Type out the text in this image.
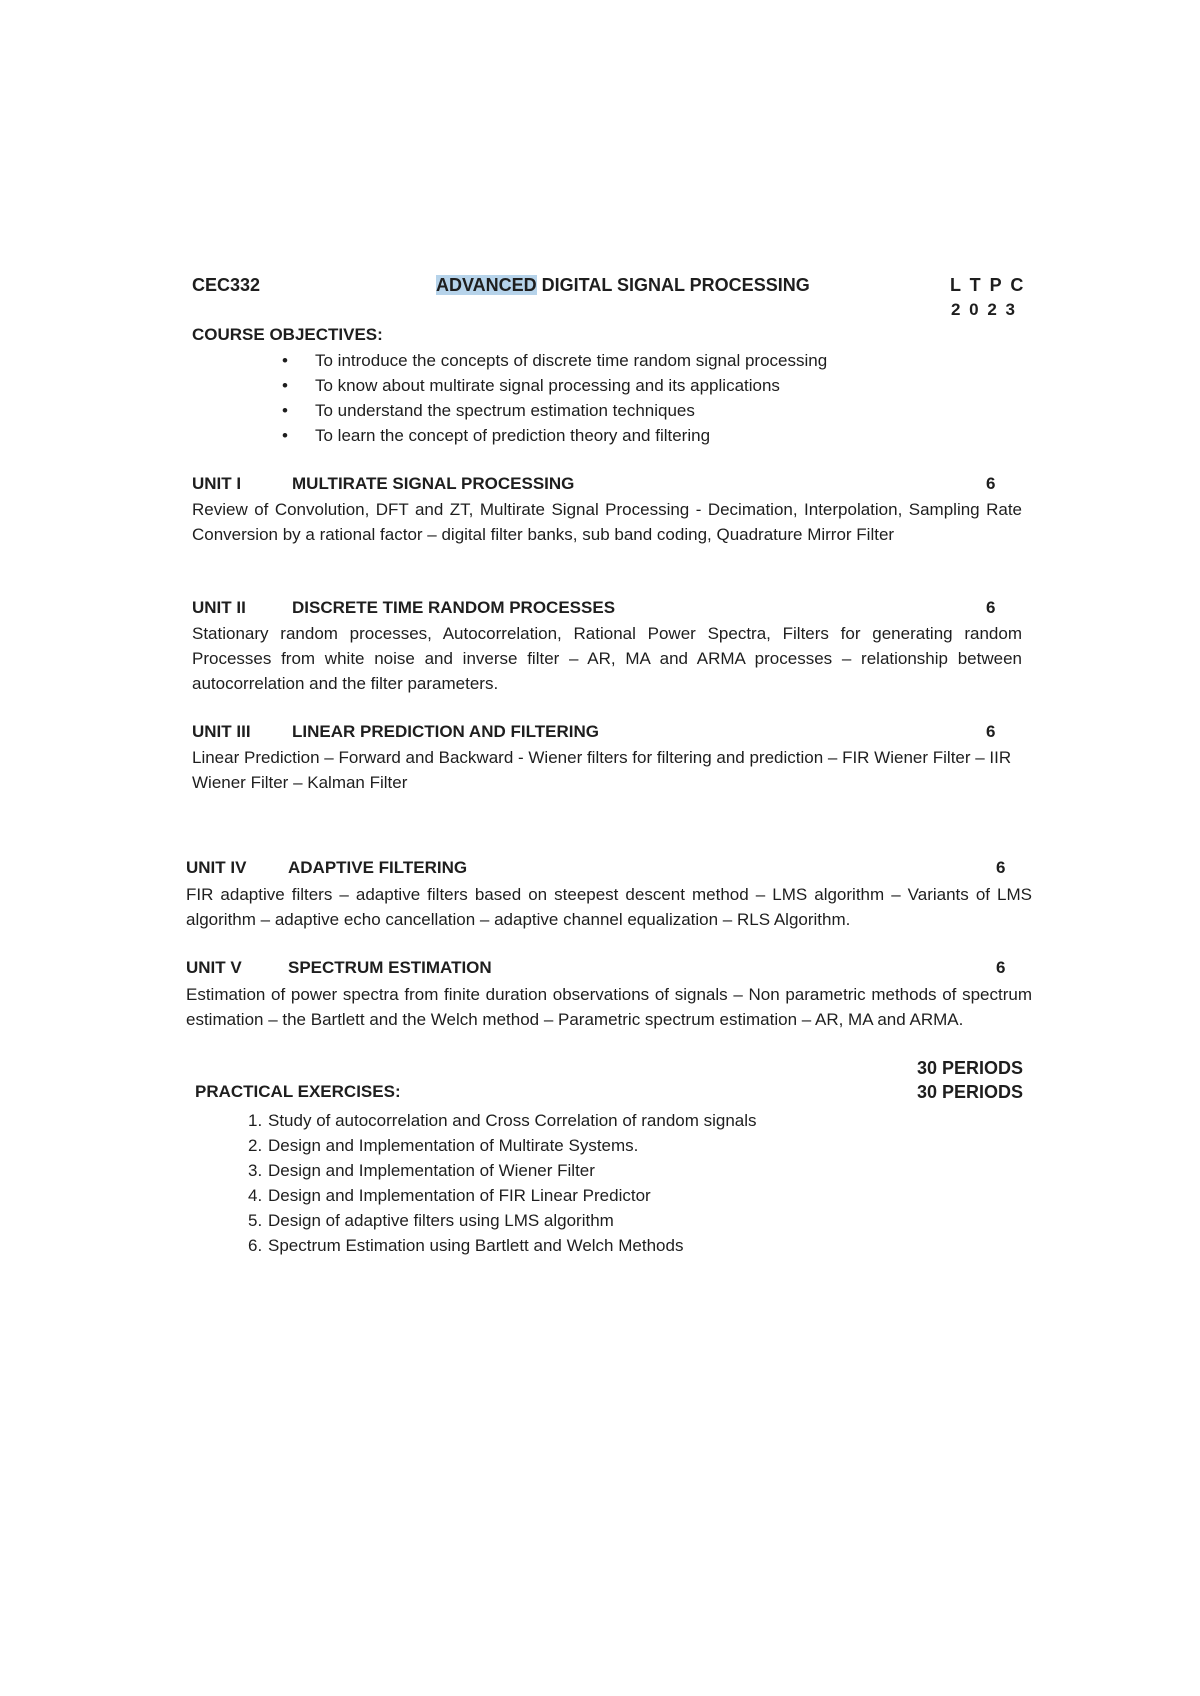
CEC332	ADVANCED DIGITAL SIGNAL PROCESSING	L T P C
2 0 2 3
COURSE OBJECTIVES:
• To introduce the concepts of discrete time random signal processing
• To know about multirate signal processing and its applications
• To understand the spectrum estimation techniques
• To learn the concept of prediction theory and filtering
UNIT I	MULTIRATE SIGNAL PROCESSING	6
Review of Convolution, DFT and ZT, Multirate Signal Processing - Decimation, Interpolation, Sampling Rate Conversion by a rational factor – digital filter banks, sub band coding, Quadrature Mirror Filter
UNIT II	DISCRETE TIME RANDOM PROCESSES	6
Stationary random processes, Autocorrelation, Rational Power Spectra, Filters for generating random Processes from white noise and inverse filter – AR, MA and ARMA processes – relationship between autocorrelation and the filter parameters.
UNIT III LINEAR PREDICTION AND FILTERING	6
Linear Prediction – Forward and Backward - Wiener filters for filtering and prediction – FIR Wiener Filter – IIR Wiener Filter – Kalman Filter
UNIT IV ADAPTIVE FILTERING	6
FIR adaptive filters – adaptive filters based on steepest descent method – LMS algorithm – Variants of LMS algorithm – adaptive echo cancellation – adaptive channel equalization – RLS Algorithm.
UNIT V	SPECTRUM ESTIMATION	6
Estimation of power spectra from finite duration observations of signals – Non parametric methods of spectrum estimation – the Bartlett and the Welch method – Parametric spectrum estimation – AR, MA and ARMA.
30 PERIODS
30 PERIODS
PRACTICAL EXERCISES:
1. Study of autocorrelation and Cross Correlation of random signals
2. Design and Implementation of Multirate Systems.
3. Design and Implementation of Wiener Filter
4. Design and Implementation of FIR Linear Predictor
5. Design of adaptive filters using LMS algorithm
6. Spectrum Estimation using Bartlett and Welch Methods
